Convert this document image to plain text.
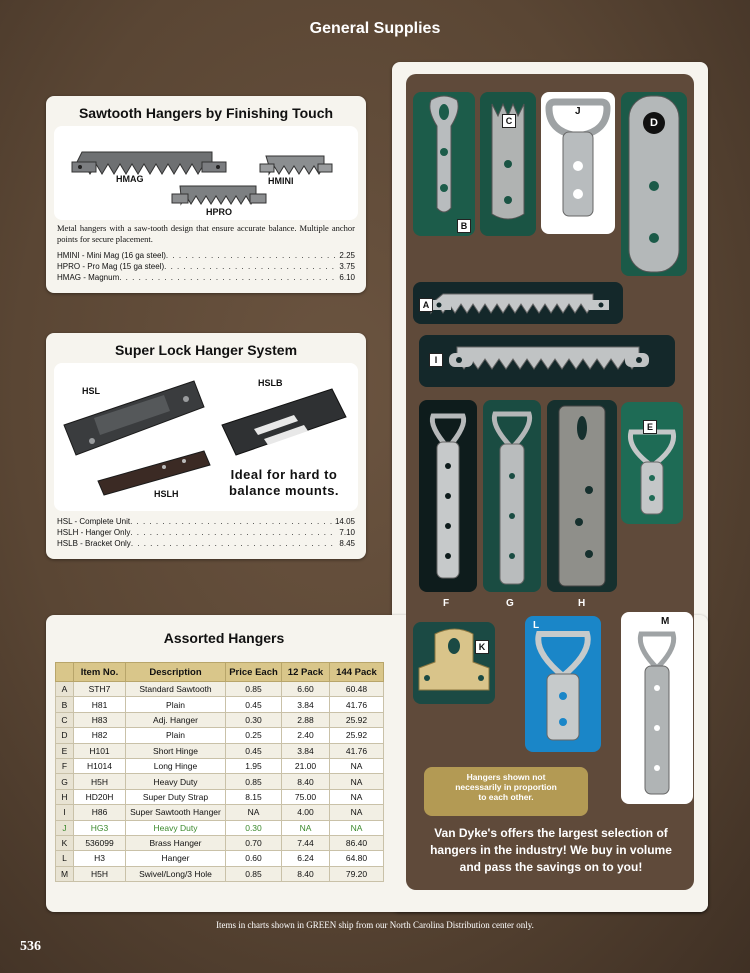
General Supplies
Sawtooth Hangers by Finishing Touch
HMAG	HMINI
HPRO
Metal hangers with a saw-tooth design that ensure accurate balance. Multiple anchor points for secure placement.
HMINI - Mini Mag (16 ga steel) . . .	2.25
HPRO - Pro Mag (15 ga steel) . . .	3.75
HMAG - Magnum . . .	6.10
Super Lock Hanger System
HSL
HSLB
HSLH
Ideal for hard to
balance mounts.
HSL - Complete Unit . . .	14.05
HSLH - Hanger Only . . .	7.10
HSLB - Bracket Only . . .	8.45
Assorted Hangers
	Item No.	Description	Price Each	12 Pack	144 Pack
A	STH7	Standard Sawtooth	0.85	6.60	60.48
B	H81	Plain	0.45	3.84	41.76
C	H83	Adj. Hanger	0.30	2.88	25.92
D	H82	Plain	0.25	2.40	25.92
E	H101	Short Hinge	0.45	3.84	41.76
F	H1014	Long Hinge	1.95	21.00	NA
G	H5H	Heavy Duty	0.85	8.40	NA
H	HD20H	Super Duty Strap	8.15	75.00	NA
I	H86	Super Sawtooth Hanger	NA	4.00	NA
J	HG3	Heavy Duty	0.30	NA	NA
K	536099	Brass Hanger	0.70	7.44	86.40
L	H3	Hanger	0.60	6.24	64.80
M	H5H	Swivel/Long/3 Hole	0.85	8.40	79.20
B
C
J
D
A
I
F	G	H
E
K
L	M
Hangers shown not
necessarily in proportion
to each other.
Van Dyke's offers the largest selection of
hangers in the industry! We buy in volume
and pass the savings on to you!
Items in charts shown in GREEN ship from our North Carolina Distribution center only.
536
